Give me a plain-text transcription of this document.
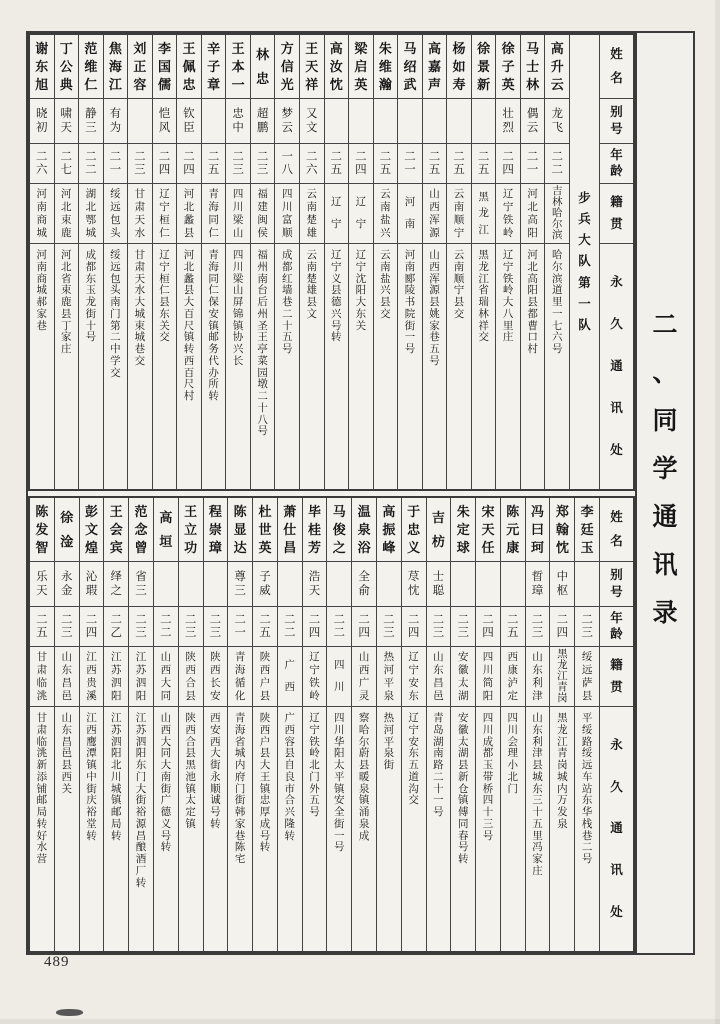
姓
名
别
号
年
龄
籍
贯
永
久
通
讯
处
步
兵
大
队
第
一
队
高
升
云
龙
飞
二
二
吉
林
哈
尔
滨
哈
尔
滨
道
里
一
七
六
号
马
士
林
偶
云
二
一
河
北
高
阳
河
北
高
阳
县
都
曹
口
村
徐
子
英
壮
烈
二
四
辽
宁
铁
岭
辽
宁
铁
岭
大
八
里
庄
徐
景
新
二
五
黑
龙
江
黑
龙
江
省
瑞
林
祥
交
杨
如
寿
二
五
云
南
顺
宁
云
南
顺
宁
县
交
高
嘉
声
二
五
山
西
浑
源
山
西
浑
源
县
姚
家
巷
五
号
马
绍
武
二
一
河
南
河
南
郾
陵
书
院
街
一
号
朱
维
瀚
二
五
云
南
盐
兴
云
南
盐
兴
县
交
梁
启
英
二
四
辽
宁
辽
宁
沈
阳
大
东
关
高
汝
忱
二
五
辽
宁
辽
宁
义
县
德
兴
号
转
王
天
祥
又
文
二
六
云
南
楚
雄
云
南
楚
雄
县
文
方
信
光
梦
云
一
八
四
川
富
顺
成
都
红
墙
巷
二
十
五
号
林
忠
超
鹏
二
三
福
建
闽
侯
福
州
南
台
后
州
圣
王
亭
菜
园
墩
二
十
八
号
王
本
一
忠
中
二
三
四
川
梁
山
四
川
梁
山
屏
锦
镇
协
兴
长
辛
子
章
二
五
青
海
同
仁
青
海
同
仁
保
安
镇
邮
务
代
办
所
转
王
佩
忠
钦
臣
二
四
河
北
蠡
县
河
北
蠡
县
大
百
尺
镇
转
西
百
尺
村
李
国
儒
恺
风
二
四
辽
宁
桓
仁
辽
宁
桓
仁
县
东
关
交
刘
正
容
二
三
甘
肃
天
水
甘
肃
天
水
大
城
束
城
巷
交
焦
海
江
有
为
二
一
绥
远
包
头
绥
远
包
头
南
门
第
二
中
学
交
范
维
仁
静
三
二
二
湖
北
鄂
城
成
都
东
玉
龙
街
十
号
丁
公
典
啸
天
二
七
河
北
束
鹿
河
北
省
束
鹿
县
丁
家
庄
谢
东
旭
晓
初
二
六
河
南
商
城
河
南
商
城
郝
家
巷
姓
名
别
号
年
龄
籍
贯
永
久
通
讯
处
李
廷
玉
二
三
绥
远
萨
县
平
绥
路
绥
远
车
站
东
华
栈
巷
二
号
郑
翰
忱
中
枢
二
四
黑
龙
江
青
岗
黑
龙
江
青
岗
城
内
万
发
泉
冯
曰
珂
晢
璋
二
三
山
东
利
津
山
东
利
津
县
城
东
三
十
五
里
冯
家
庄
陈
元
康
二
五
西
康
泸
定
四
川
会
理
小
北
门
宋
天
任
二
四
四
川
简
阳
四
川
成
都
玉
带
桥
四
十
三
号
朱
定
球
二
三
安
徽
太
湖
安
徽
太
湖
县
新
仓
镇
傅
同
春
号
转
吉
枋
士
聪
二
三
山
东
昌
邑
青
岛
湖
南
路
二
十
一
号
于
忠
义
荩
忱
二
四
辽
宁
安
东
辽
宁
安
东
五
道
沟
交
高
振
峰
二
三
热
河
平
泉
热
河
平
泉
街
温
泉
浴
全
俞
二
四
山
西
广
灵
察
哈
尔
蔚
县
暖
泉
镇
涌
泉
成
马
俊
之
二
二
四
川
四
川
华
阳
太
平
镇
安
全
街
一
号
毕
桂
芳
浩
天
二
四
辽
宁
铁
岭
辽
宁
铁
岭
北
门
外
五
号
萧
仕
昌
二
二
广
西
广
西
容
县
自
良
市
合
兴
隆
转
杜
世
英
子
威
二
五
陕
西
户
县
陕
西
户
县
大
王
镇
忠
厚
成
号
转
陈
显
达
尊
三
二
一
青
海
循
化
青
海
省
城
内
府
门
街
韩
家
巷
陈
宅
程
崇
璋
二
三
陕
西
长
安
西
安
西
大
街
永
顺
诚
号
转
王
立
功
二
三
陕
西
合
县
陕
西
合
县
黑
池
镇
太
定
镇
高
垣
二
二
山
西
大
同
山
西
大
同
大
南
街
广
德
义
号
转
范
念
曾
省
三
二
三
江
苏
泗
阳
江
苏
泗
阳
东
门
大
街
裕
源
昌
酿
酒
厂
转
王
会
宾
绎
之
二
乙
江
苏
泗
阳
江
苏
泗
阳
北
川
城
镇
邮
局
转
彭
文
煌
沁
瑕
二
四
江
西
贵
溪
江
西
鹰
潭
镇
中
街
庆
裕
堂
转
徐
淦
永
金
二
三
山
东
昌
邑
山
东
昌
邑
县
西
关
陈
发
智
乐
天
二
五
甘
肃
临
洮
甘
肃
临
洮
新
添
铺
邮
局
转
好
水
营
二
、
同
学
通
讯
录
489
